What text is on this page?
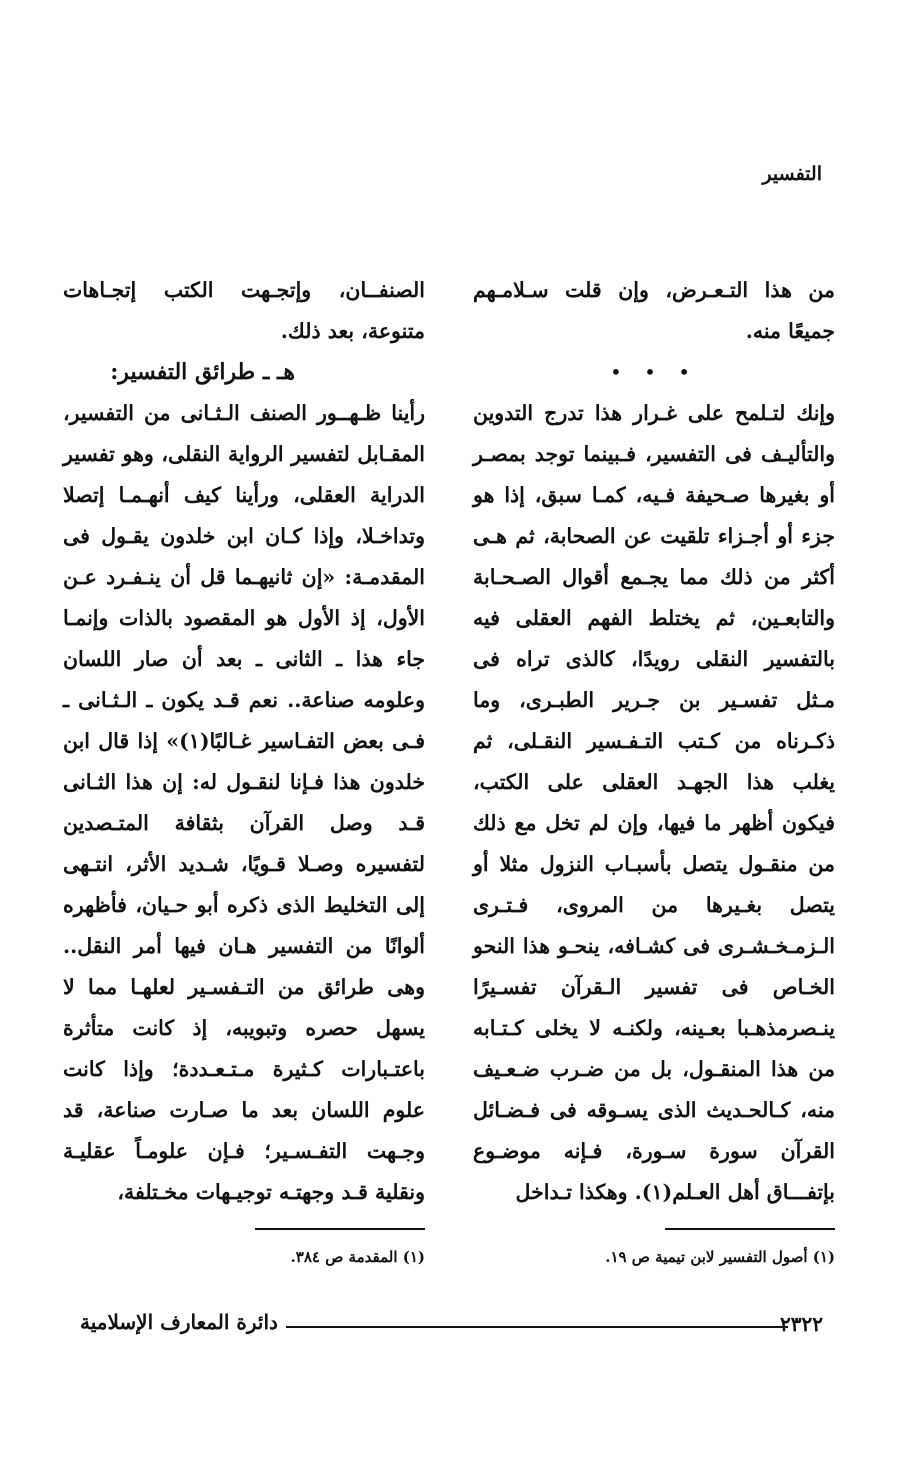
التفسير

من هذا التـعـرض، وإن قلت سـلامـهم جميعًا منه.

• • •

وإنك لتـلمح على غـرار هذا تدرج التدوين والتأليـف فى التفسير، فـبينما توجد بمصـر أو بغيرها صـحيفة فـيه، كمـا سبق، إذا هو جزء أو أجـزاء تلقيت عن الصحابة، ثم هـى أكثر من ذلك مما يجـمع أقوال الصـحـابة والتابعـين، ثم يختلط الفهم العقلى فيه بالتفسير النقلى رويدًا، كالذى تراه فى مـثل تفسـير بن جـرير الطبـرى، وما ذكـرناه من كـتب التـفـسير النقـلى، ثم يغلب هذا الجهـد العقلى على الكتب، فيكون أظهر ما فيها، وإن لم تخل مع ذلك من منقـول يتصل بأسبـاب النزول مثلا أو يتصل بغـيرها من المروى، فـتـرى الـزمـخـشـرى فى كشـافه، ينحـو هذا النحو الخـاص فى تفسير الـقرآن تفسـيرًا ينـصرمذهـبا بعـينه، ولكنـه لا يخلى كـتـابه من هذا المنقـول، بل من ضـرب ضـعـيف منه، كـالحـديث الذى يسـوقه فى فـضـائل القرآن سورة سـورة، فـإنه موضـوع بإتفـــاق أهل العـلم(١). وهكذا تـداخل

الصنفــان، وإتجـهت الكتب إتجـاهات متنوعة، بعد ذلك.

هـ ـ طرائق التفسير:

رأينا ظـهــور الصنف الـثـانى من التفسير، المقـابل لتفسير الرواية النقلى، وهو تفسير الدراية العقلى، ورأينا كيف أنهـمـا إتصلا وتداخـلا، وإذا كـان ابن خلدون يقـول فى المقدمـة: «إن ثانيهـما قل أن ينـفـرد عـن الأول، إذ الأول هو المقصود بالذات وإنمـا جاء هذا ـ الثانى ـ بعد أن صار اللسان وعلومه صناعة.. نعم قـد يكون ـ الـثـانى ـ فـى بعض التفـاسير غـالبًا(١)» إذا قال ابن خلدون هذا فـإنا لنقـول له: إن هذا الثـانى قـد وصل القرآن بثقافة المتـصدين لتفسيره وصـلا قـويًا، شـديد الأثر، انتـهى إلى التخليط الذى ذكره أبو حـيان، فأظهره ألوانًا من التفسير هـان فيها أمر النقل.. وهى طرائق من التـفسـير لعلهـا مما لا يسهل حصره وتبويبه، إذ كانت متأثرة باعتـبارات كـثيرة مـتـعـددة؛ وإذا كانت علوم اللسان بعد ما صـارت صناعة، قد وجـهت التفـسـير؛ فـإن علومـاً عقليـة ونقلية قـد وجهتـه توجيـهات مخـتلفة،

(١) أصول التفسير لابن تيمية ص ١٩.
(١) المقدمة ص ٣٨٤.
٢٣٢٢
دائرة المعارف الإسلامية
